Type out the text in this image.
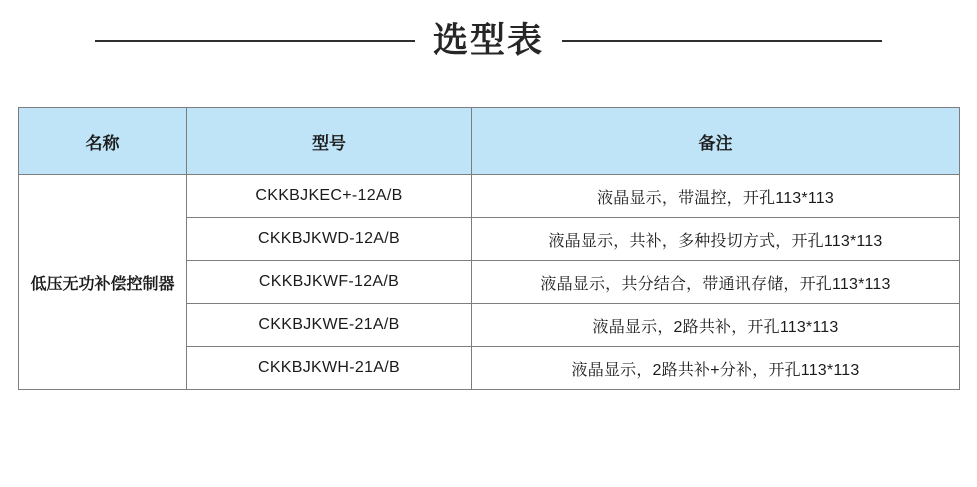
选型表
名称	型号	备注
低压无功补偿控制器	CKKBJKEC+-12A/B	液晶显示，带温控，开孔113*113
	CKKBJKWD-12A/B	液晶显示，共补，多种投切方式，开孔113*113
	CKKBJKWF-12A/B	液晶显示，共分结合，带通讯存储，开孔113*113
	CKKBJKWE-21A/B	液晶显示，2路共补，开孔113*113
	CKKBJKWH-21A/B	液晶显示，2路共补+分补，开孔113*113
